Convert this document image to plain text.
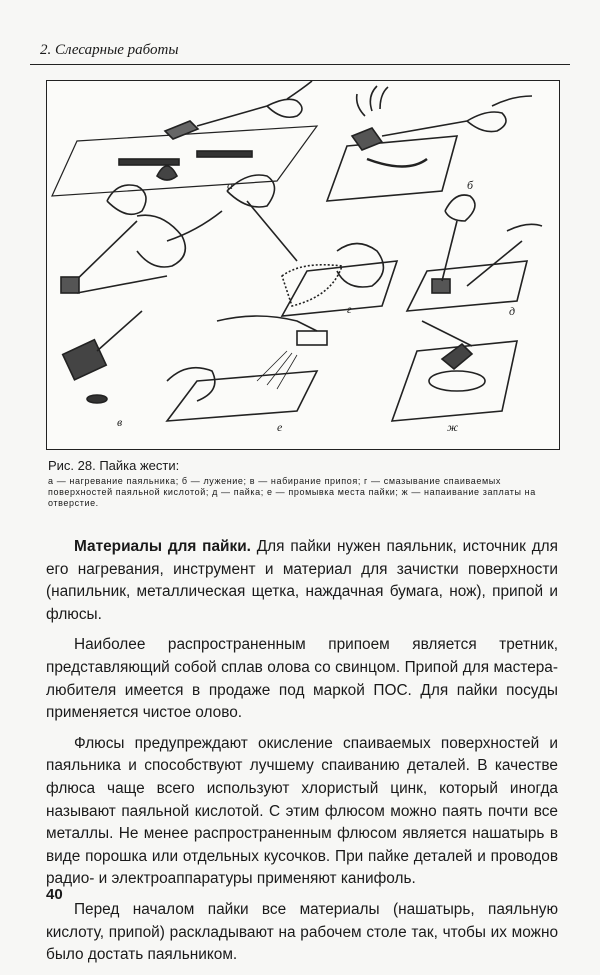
2. Слесарные работы
а	б
в
г	д
е	ж
Рис. 28. Пайка жести:
а — нагревание паяльника; б — лужение; в — набирание припоя; г — смазывание спаиваемых поверхностей паяльной кислотой; д — пайка; е — промывка места пайки; ж — напаивание заплаты на отверстие.

Материалы для пайки. Для пайки нужен паяльник, источник для его нагревания, инструмент и материал для зачистки поверхности (напильник, металлическая щетка, наждачная бумага, нож), припой и флюсы.

Наиболее распространенным припоем является третник, представляющий собой сплав олова со свинцом. Припой для мастера-любителя имеется в продаже под маркой ПОС. Для пайки посуды применяется чистое олово.

Флюсы предупреждают окисление спаиваемых поверхностей и паяльника и способствуют лучшему спаиванию деталей. В качестве флюса чаще всего используют хлористый цинк, который иногда называют паяльной кислотой. С этим флюсом можно паять почти все металлы. Не менее распространенным флюсом является нашатырь в виде порошка или отдельных кусочков. При пайке деталей и проводов радио- и электроаппаратуры применяют канифоль.

Перед началом пайки все материалы (нашатырь, паяльную кислоту, припой) раскладывают на рабочем столе так, чтобы их можно было достать паяльником.

40
